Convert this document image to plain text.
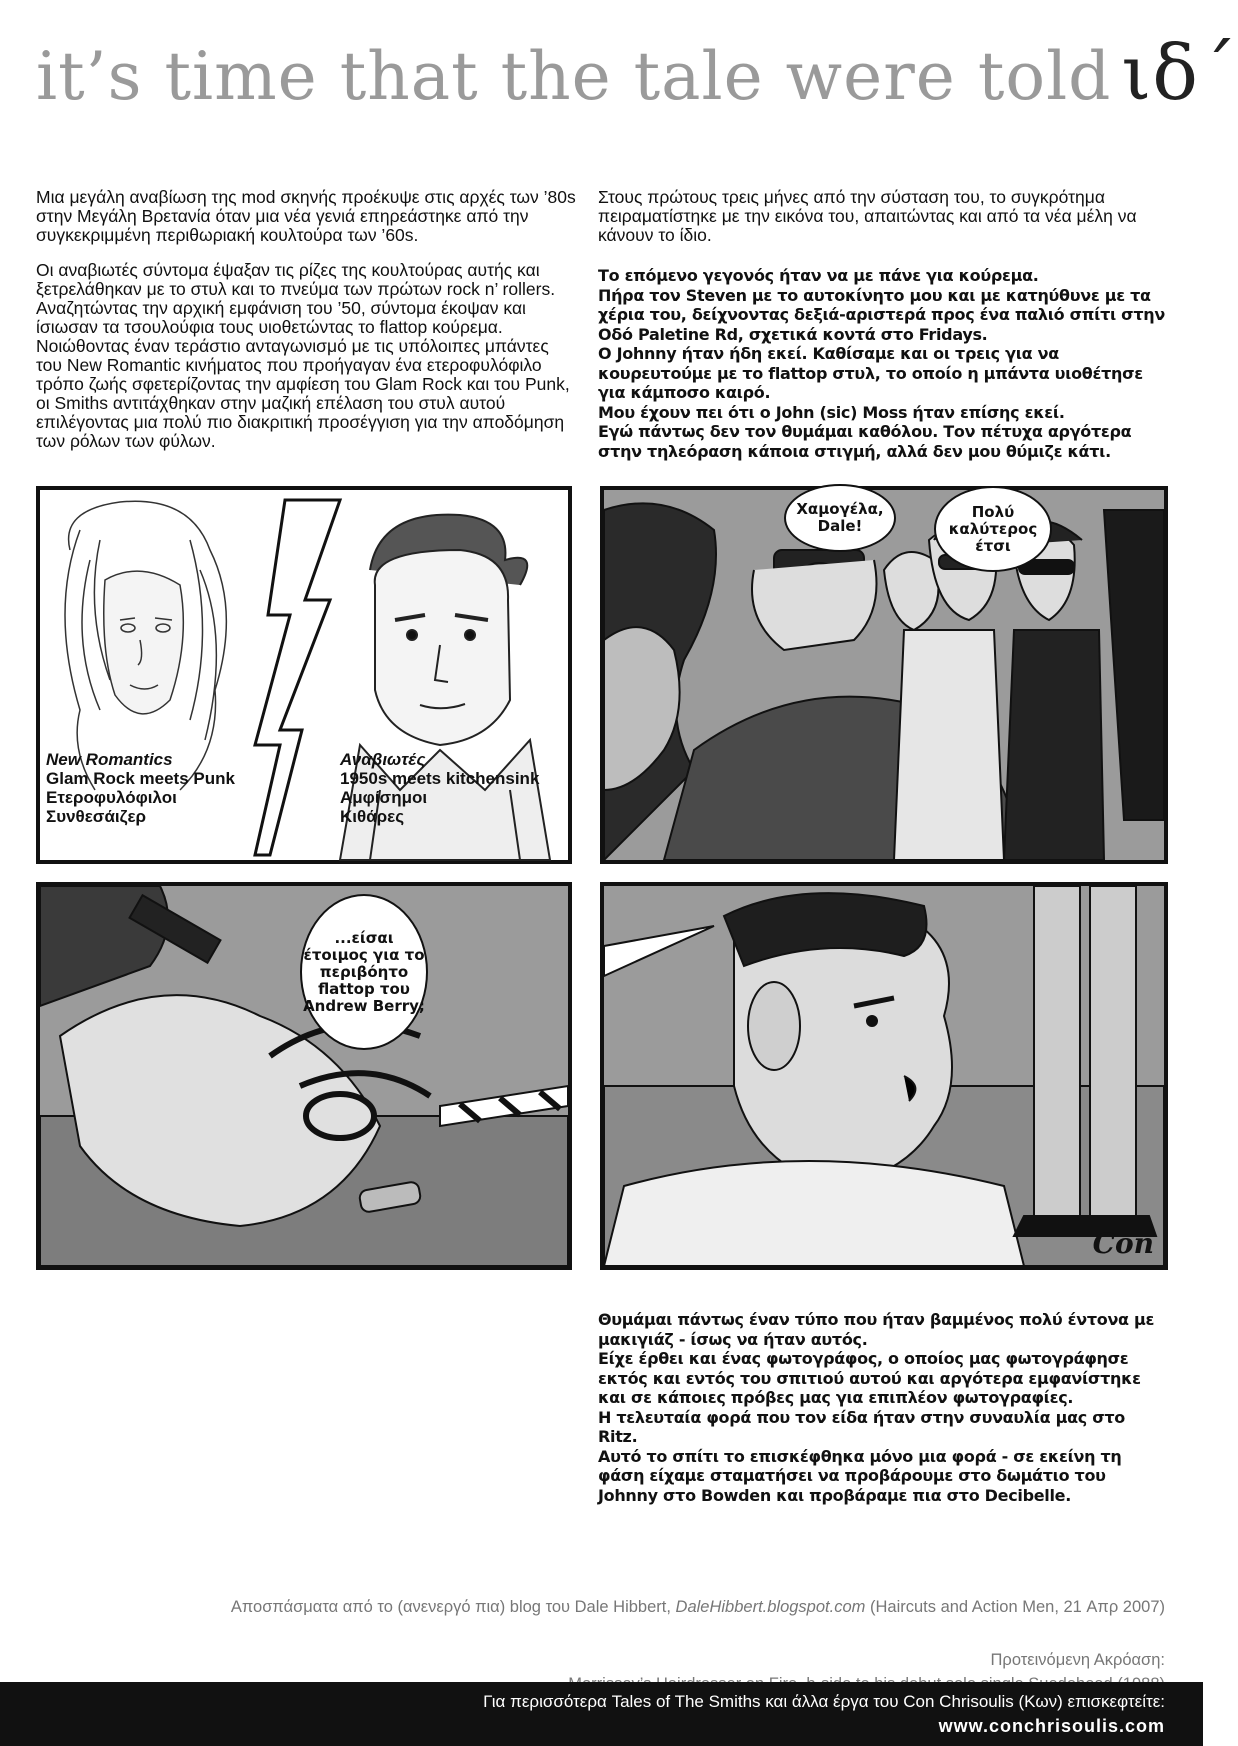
it’s time that the tale were told ιδ΄

Μια μεγάλη αναβίωση της mod σκηνής προέκυψε στις αρχές των ’80s στην Μεγάλη Βρετανία όταν μια νέα γενιά επηρεάστηκε από την συγκεκριμμένη περιθωριακή κουλτούρα των ’60s.

Οι αναβιωτές σύντομα έψαξαν τις ρίζες της κουλτούρας αυτής και ξετρελάθηκαν με το στυλ και το πνεύμα των πρώτων rock n’ rollers. Αναζητώντας την αρχική εμφάνιση του ’50, σύντομα έκοψαν και ίσιωσαν τα τσουλούφια τους υιοθετώντας το flattop κούρεμα.

Νοιώθοντας έναν τεράστιο ανταγωνισμό με τις υπόλοιπες μπάντες του New Romantic κινήματος που προήγαγαν ένα ετεροφυλόφιλο τρόπο ζωής σφετερίζοντας την αμφίεση του Glam Rock και του Punk, οι Smiths αντιτάχθηκαν στην μαζική επέλαση του στυλ αυτού επιλέγοντας μια πολύ πιο διακριτική προσέγγιση για την αποδόμηση των ρόλων των φύλων.

Στους πρώτους τρεις μήνες από την σύσταση του, το συγκρότημα πειραματίστηκε με την εικόνα του, απαιτώντας και από τα νέα μέλη να κάνουν το ίδιο.

Το επόμενο γεγονός ήταν να με πάνε για κούρεμα.

Πήρα τον Steven με το αυτοκίνητο μου και με κατηύθυνε με τα χέρια του, δείχνοντας δεξιά-αριστερά προς ένα παλιό σπίτι στην Οδό Paletine Rd, σχετικά κοντά στο Fridays.

Ο Johnny ήταν ήδη εκεί. Καθίσαμε και οι τρεις για να κουρευτούμε με το flattop στυλ, το οποίο η μπάντα υιοθέτησε για κάμποσο καιρό.

Μου έχουν πει ότι ο John (sic) Moss ήταν επίσης εκεί.

Εγώ πάντως δεν τον θυμάμαι καθόλου. Τον πέτυχα αργότερα στην τηλεόραση κάποια στιγμή, αλλά δεν μου θύμιζε κάτι.

New Romantics
Glam Rock meets Punk
Ετεροφυλόφιλοι
Συνθεσάιζερ
Αναβιωτές
1950s meets kitchensink
Αμφίσημοι
Κιθάρες
Χαμογέλα, Dale!
Πολύ καλύτερος έτσι
...είσαι έτοιμος για το περιβόητο flattop του Andrew Berry;
Con

Θυμάμαι πάντως έναν τύπο που ήταν βαμμένος πολύ έντονα με μακιγιάζ - ίσως να ήταν αυτός.

Είχε έρθει και ένας φωτογράφος, ο οποίος μας φωτογράφησε εκτός και εντός του σπιτιού αυτού και αργότερα εμφανίστηκε και σε κάποιες πρόβες μας για επιπλέον φωτογραφίες.

Η τελευταία φορά που τον είδα ήταν στην συναυλία μας στο Ritz.

Αυτό το σπίτι το επισκέφθηκα μόνο μια φορά - σε εκείνη τη φάση είχαμε σταματήσει να προβάρουμε στο δωμάτιο του Johnny στο Bowden και προβάραμε πια στο Decibelle.

Αποσπάσματα από το (ανενεργό πια) blog του Dale Hibbert, DaleHibbert.blogspot.com (Haircuts and Action Men, 21 Απρ 2007)
Προτεινόμενη Ακρόαση:
Για περισσότερα Tales of The Smiths και άλλα έργα του Con Chrisoulis (Κων) επισκεφτείτε:
www.conchrisoulis.com
